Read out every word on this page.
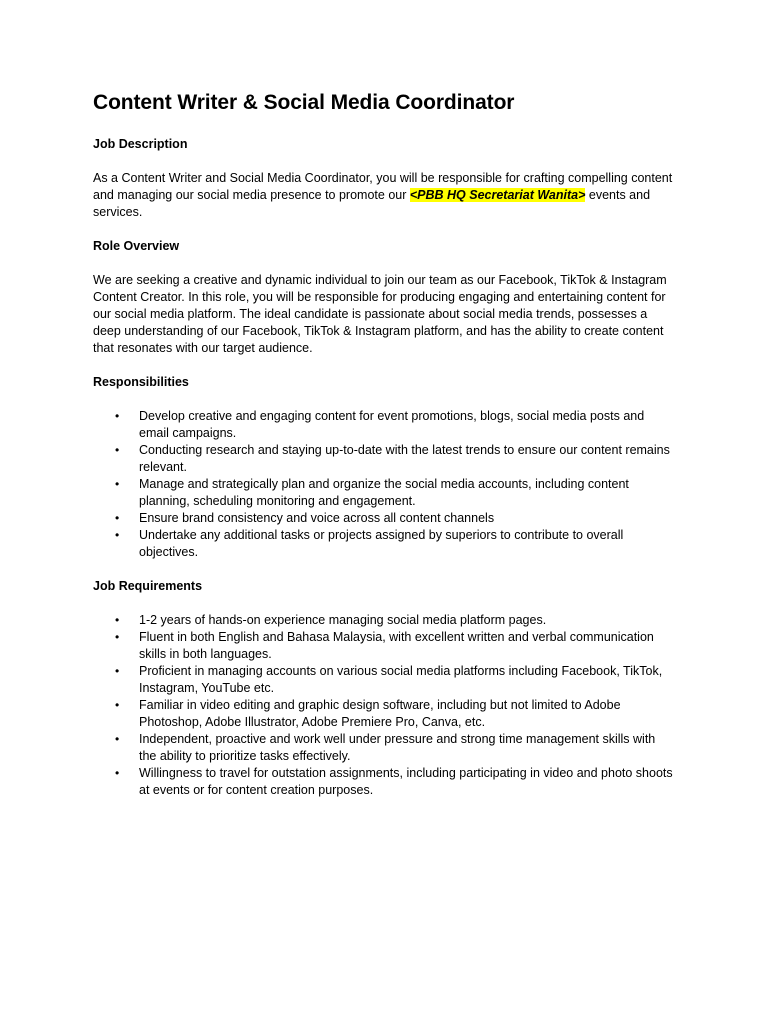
Content Writer & Social Media Coordinator
Job Description

As a Content Writer and Social Media Coordinator, you will be responsible for crafting compelling content and managing our social media presence to promote our <PBB HQ Secretariat Wanita> events and services.

Role Overview

We are seeking a creative and dynamic individual to join our team as our Facebook, TikTok & Instagram Content Creator. In this role, you will be responsible for producing engaging and entertaining content for our social media platform. The ideal candidate is passionate about social media trends, possesses a deep understanding of our Facebook, TikTok & Instagram platform, and has the ability to create content that resonates with our target audience.

Responsibilities
• Develop creative and engaging content for event promotions, blogs, social media posts and email campaigns.
• Conducting research and staying up-to-date with the latest trends to ensure our content remains relevant.
• Manage and strategically plan and organize the social media accounts, including content planning, scheduling monitoring and engagement.
• Ensure brand consistency and voice across all content channels
• Undertake any additional tasks or projects assigned by superiors to contribute to overall objectives.
Job Requirements
• 1-2 years of hands-on experience managing social media platform pages.
• Fluent in both English and Bahasa Malaysia, with excellent written and verbal communication skills in both languages.
• Proficient in managing accounts on various social media platforms including Facebook, TikTok, Instagram, YouTube etc.
• Familiar in video editing and graphic design software, including but not limited to Adobe Photoshop, Adobe Illustrator, Adobe Premiere Pro, Canva, etc.
• Independent, proactive and work well under pressure and strong time management skills with the ability to prioritize tasks effectively.
• Willingness to travel for outstation assignments, including participating in video and photo shoots at events or for content creation purposes.
